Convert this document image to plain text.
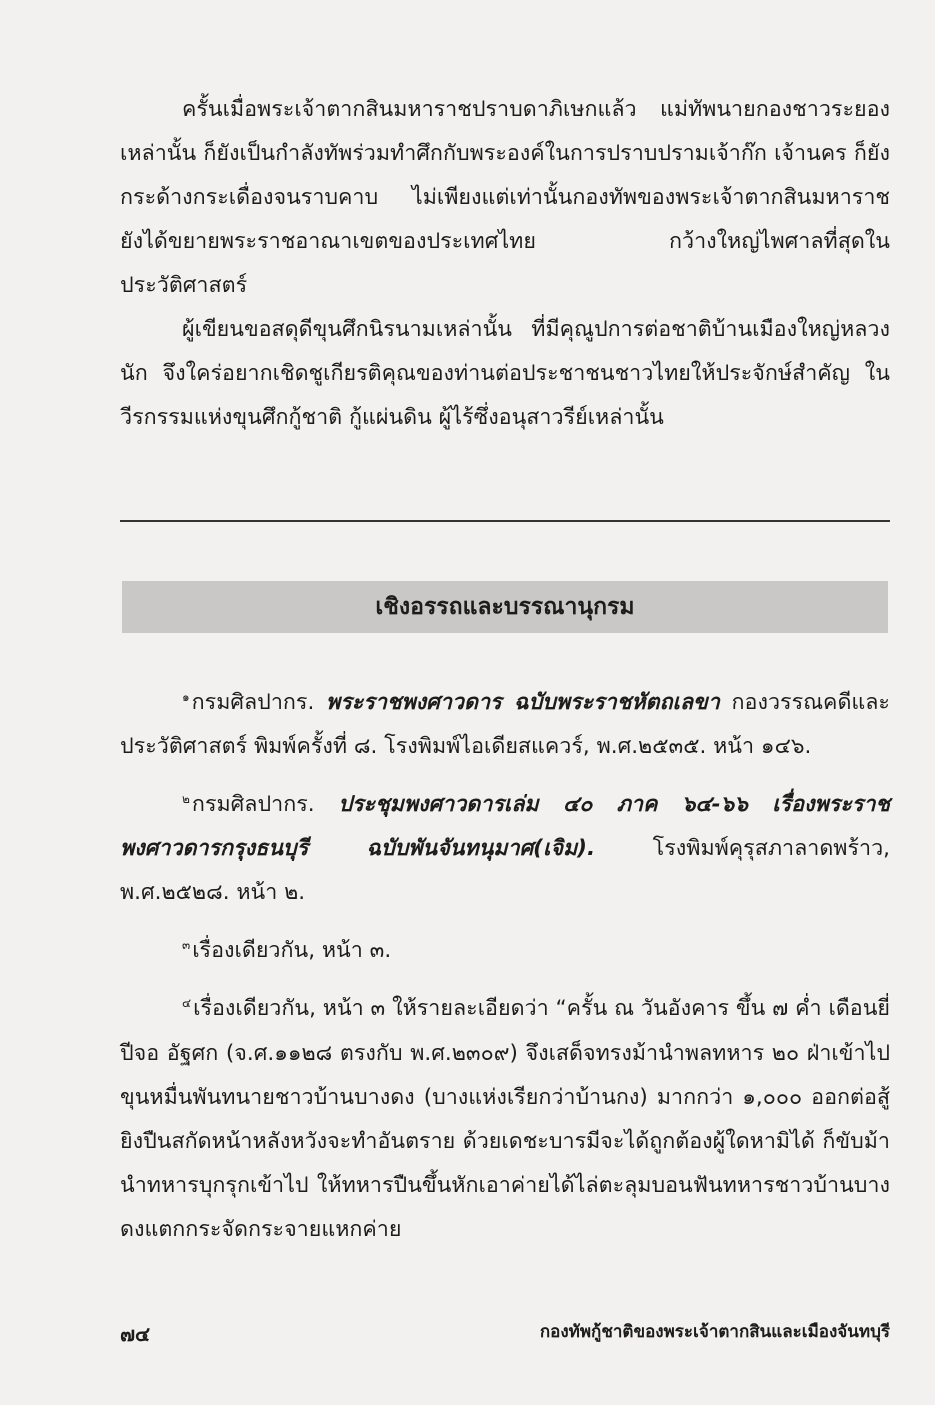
ครั้นเมื่อพระเจ้าตากสินมหาราชปราบดาภิเษกแล้ว แม่ทัพนายกองชาวระยองเหล่านั้น ก็ยังเป็นกำลังทัพร่วมทำศึกกับพระองค์ในการปราบปรามเจ้าก๊ก เจ้านคร ก็ยังกระด้างกระเดื่องจนราบคาบ ไม่เพียงแต่เท่านั้นกองทัพของพระเจ้าตากสินมหาราช ยังได้ขยายพระราชอาณาเขตของประเทศไทย กว้างใหญ่ไพศาลที่สุดในประวัติศาสตร์

ผู้เขียนขอสดุดีขุนศึกนิรนามเหล่านั้น ที่มีคุณูปการต่อชาติบ้านเมืองใหญ่หลวงนัก จึงใคร่อยากเชิดชูเกียรติคุณของท่านต่อประชาชนชาวไทยให้ประจักษ์สำคัญ ในวีรกรรมแห่งขุนศึกกู้ชาติ กู้แผ่นดิน ผู้ไร้ซึ่งอนุสาวรีย์เหล่านั้น

เชิงอรรถและบรรณานุกรม

$^๑$กรมศิลปากร. พระราชพงศาวดาร ฉบับพระราชหัตถเลขา กองวรรณคดีและประวัติศาสตร์ พิมพ์ครั้งที่ ๘. โรงพิมพ์ไอเดียสแควร์, พ.ศ.๒๕๓๕. หน้า ๑๔๖.

$^๒$กรมศิลปากร. ประชุมพงศาวดารเล่ม ๔๐ ภาค ๖๔-๖๖ เรื่องพระราชพงศาวดารกรุงธนบุรี ฉบับพันจันทนุมาศ(เจิม).	โรงพิมพ์คุรุสภาลาดพร้าว, พ.ศ.๒๕๒๘. หน้า ๒.

$^๓$เรื่องเดียวกัน, หน้า ๓.

$^๔$เรื่องเดียวกัน, หน้า ๓ ให้รายละเอียดว่า “ครั้น ณ วันอังคาร ขึ้น ๗ ค่ำ เดือนยี่ ปีจอ อัฐศก (จ.ศ.๑๑๒๘ ตรงกับ พ.ศ.๒๓๐๙) จึงเสด็จทรงม้านำพลทหาร ๒๐ ฝ่าเข้าไป ขุนหมื่นพันทนายชาวบ้านบางดง (บางแห่งเรียกว่าบ้านกง) มากกว่า ๑,๐๐๐ ออกต่อสู้ยิงปืนสกัดหน้าหลังหวังจะทำอันตราย ด้วยเดชะบารมีจะได้ถูกต้องผู้ใดหามิได้ ก็ขับม้านำทหารบุกรุกเข้าไป ให้ทหารปืนขึ้นหักเอาค่ายได้ไล่ตะลุมบอนฟันทหารชาวบ้านบางดงแตกกระจัดกระจายแหกค่าย

๗๔	กองทัพกู้ชาติของพระเจ้าตากสินและเมืองจันทบุรี
